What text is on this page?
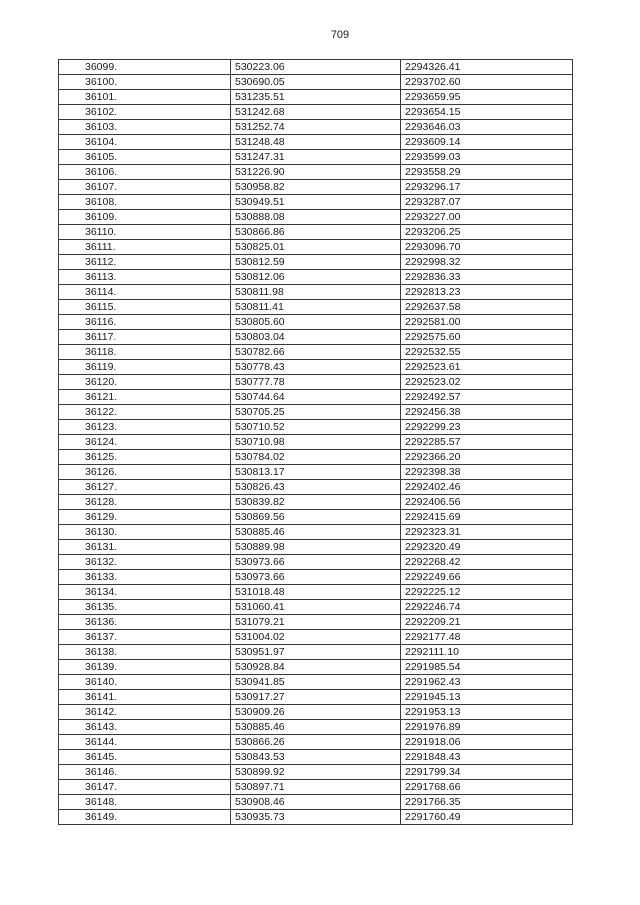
709
36099.	530223.06	2294326.41
36100.	530690.05	2293702.60
36101.	531235.51	2293659.95
36102.	531242.68	2293654.15
36103.	531252.74	2293646.03
36104.	531248.48	2293609.14
36105.	531247.31	2293599.03
36106.	531226.90	2293558.29
36107.	530958.82	2293296.17
36108.	530949.51	2293287.07
36109.	530888.08	2293227.00
36110.	530866.86	2293206.25
36111.	530825.01	2293096.70
36112.	530812.59	2292998.32
36113.	530812.06	2292836.33
36114.	530811.98	2292813.23
36115.	530811.41	2292637.58
36116.	530805.60	2292581.00
36117.	530803.04	2292575.60
36118.	530782.66	2292532.55
36119.	530778.43	2292523.61
36120.	530777.78	2292523.02
36121.	530744.64	2292492.57
36122.	530705.25	2292456.38
36123.	530710.52	2292299.23
36124.	530710.98	2292285.57
36125.	530784.02	2292366.20
36126.	530813.17	2292398.38
36127.	530826.43	2292402.46
36128.	530839.82	2292406.56
36129.	530869.56	2292415.69
36130.	530885.46	2292323.31
36131.	530889.98	2292320.49
36132.	530973.66	2292268.42
36133.	530973.66	2292249.66
36134.	531018.48	2292225.12
36135.	531060.41	2292246.74
36136.	531079.21	2292209.21
36137.	531004.02	2292177.48
36138.	530951.97	2292111.10
36139.	530928.84	2291985.54
36140.	530941.85	2291962.43
36141.	530917.27	2291945.13
36142.	530909.26	2291953.13
36143.	530885.46	2291976.89
36144.	530866.26	2291918.06
36145.	530843.53	2291848.43
36146.	530899.92	2291799.34
36147.	530897.71	2291768.66
36148.	530908.46	2291766.35
36149.	530935.73	2291760.49
